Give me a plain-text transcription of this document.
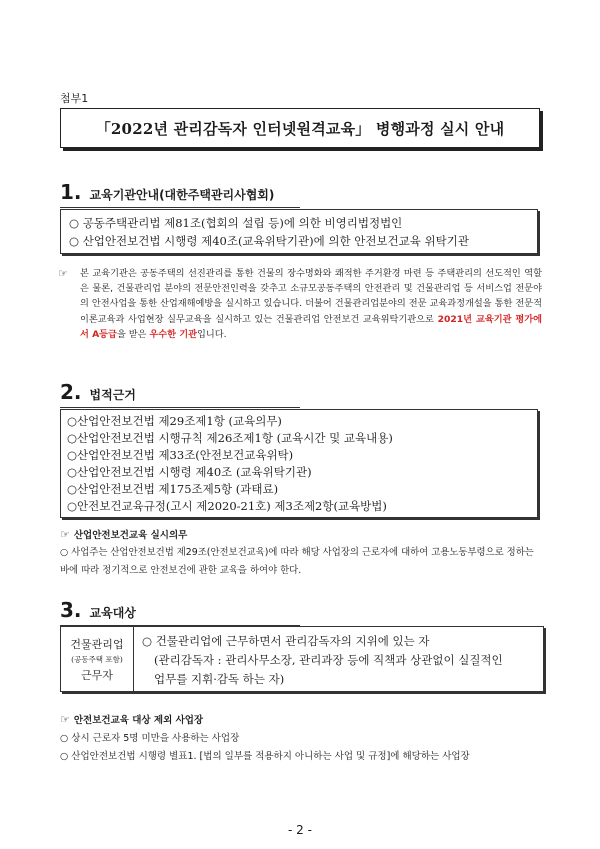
첨부1
「2022년 관리감독자 인터넷원격교육」 병행과정 실시 안내
1. 교육기관안내(대한주택관리사협회)
○ 공동주택관리법 제81조(협회의 설립 등)에 의한 비영리법정법인
○ 산업안전보건법 시행령 제40조(교육위탁기관)에 의한 안전보건교육 위탁기관
☞ 본 교육기관은 공동주택의 선진관리를 통한 건물의 장수명화와 쾌적한 주거환경 마련 등 주택관리의 선도적인 역할은 물론, 건물관리업 분야의 전문안전인력을 갖추고 소규모공동주택의 안전관리 및 건물관리업 등 서비스업 전문야의 안전사업을 통한 산업재해예방을 실시하고 있습니다. 더불어 건물관리업분야의 전문 교육과정개설을 통한 전문적 이론교육과 사업현장 실무교육을 실시하고 있는 건물관리업 안전보건 교육위탁기관으로 2021년 교육기관 평가에서 A등급을 받은 우수한 기관입니다.
2. 법적근거
○산업안전보건법 제29조제1항 (교육의무)
○산업안전보건법 시행규칙 제26조제1항 (교육시간 및 교육내용)
○산업안전보건법 제33조(안전보건교육위탁)
○산업안전보건법 시행령 제40조 (교육위탁기관)
○산업안전보건법 제175조제5항 (과태료)
○안전보건교육규정(고시 제2020-21호) 제3조제2항(교육방법)
☞ 산업안전보건교육 실시의무
○ 사업주는 산업안전보건법 제29조(안전보건교육)에 따라 해당 사업장의 근로자에 대하여 고용노동부령으로 정하는 바에 따라 정기적으로 안전보건에 관한 교육을 하여야 한다.
3. 교육대상
건물관리업
(공동주택 포함)
근무자
○ 건물관리업에 근무하면서 관리감독자의 지위에 있는 자
(관리감독자 : 관리사무소장, 관리과장 등에 직책과 상관없이 실질적인
업무를 지휘·감독 하는 자)
☞ 안전보건교육 대상 제외 사업장
○ 상시 근로자 5명 미만을 사용하는 사업장
○ 산업안전보건법 시행령 별표1. [법의 일부를 적용하지 아니하는 사업 및 규정]에 해당하는 사업장
- 2 -
